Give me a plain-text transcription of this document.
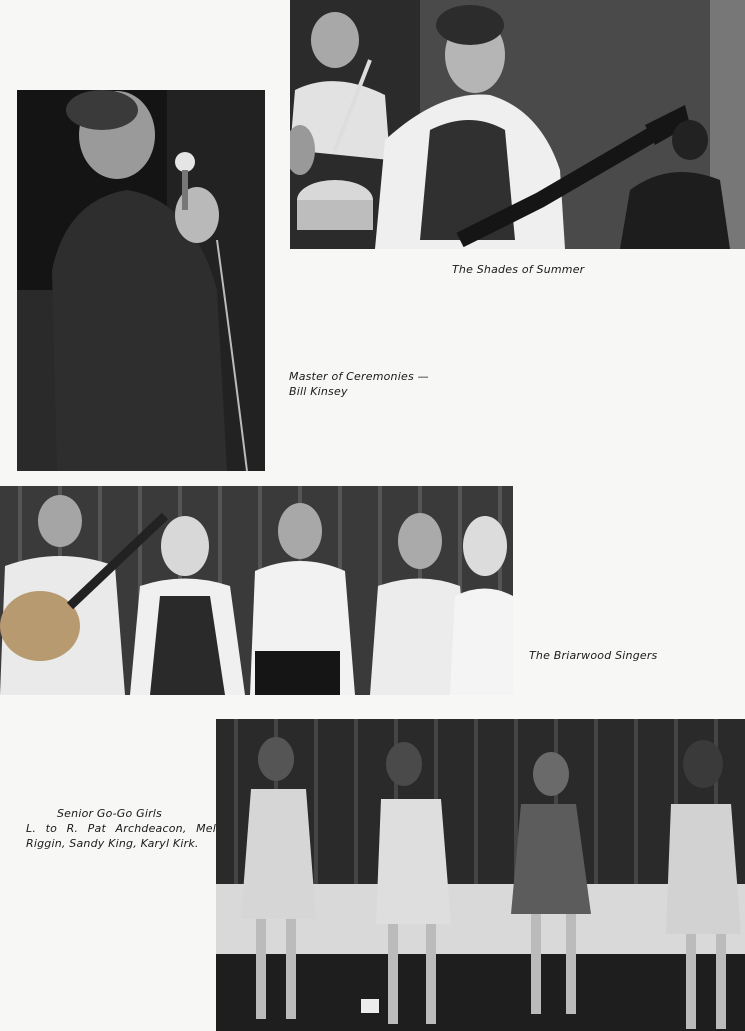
The Shades of Summer
Master of Ceremonies —
Bill Kinsey
The Briarwood Singers
Senior Go-Go Girls
L. to R. Pat Archdeacon, Mel Riggin, Sandy King, Karyl Kirk.
